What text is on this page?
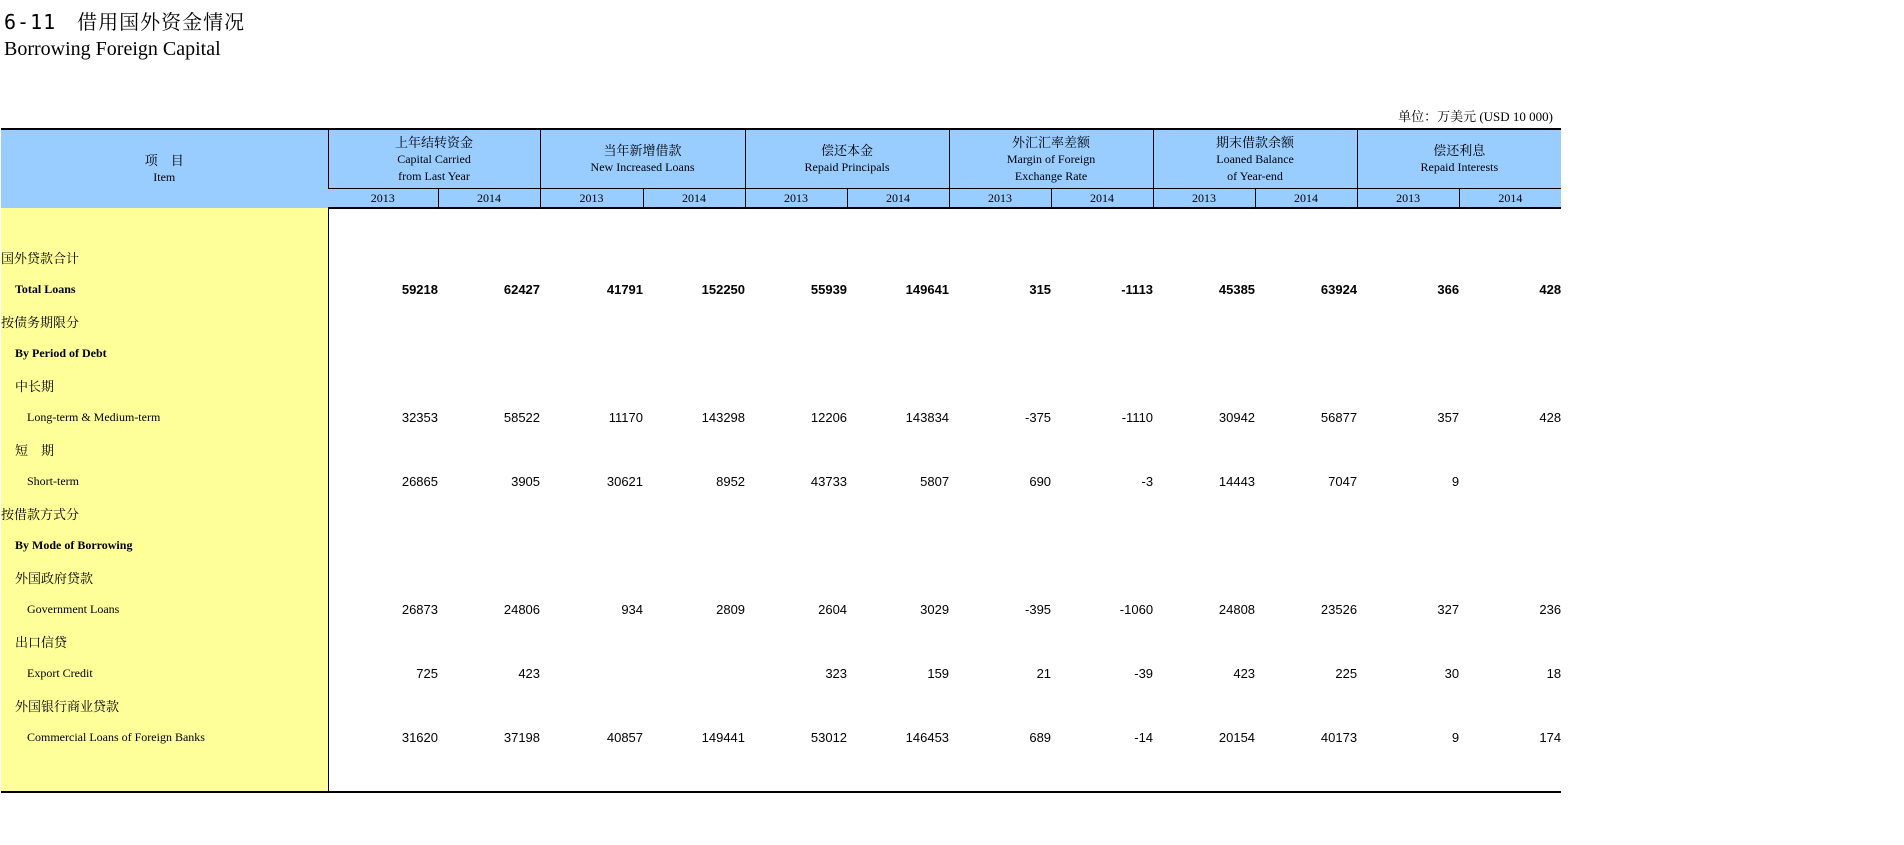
6-11　借用国外资金情况
Borrowing Foreign Capital
单位：万美元 (USD 10 000)
项　目
Item	上年结转资金
Capital Carried
from Last Year		当年新增借款
New Increased Loans		偿还本金
Repaid Principals		外汇汇率差额
Margin of Foreign
Exchange Rate		期末借款余额
Loaned Balance
of Year-end		偿还利息
Repaid Interests	

	2013	2014	2013	2014	2013	2014	2013	2014	2013	2014	2013	2014

国外贷款合计												
Total Loans	59218	62427	41791	152250	55939	149641	315	-1113	45385	63924	366	428
按债务期限分												
By Period of Debt												
中长期												
Long-term & Medium-term	32353	58522	11170	143298	12206	143834	-375	-1110	30942	56877	357	428
短　期												
Short-term	26865	3905	30621	8952	43733	5807	690	-3	14443	7047	9	
按借款方式分												
By Mode of Borrowing												
外国政府贷款												
Government Loans	26873	24806	934	2809	2604	3029	-395	-1060	24808	23526	327	236
出口信贷												
Export Credit	725	423			323	159	21	-39	423	225	30	18
外国银行商业贷款												
Commercial Loans of Foreign Banks	31620	37198	40857	149441	53012	146453	689	-14	20154	40173	9	174
